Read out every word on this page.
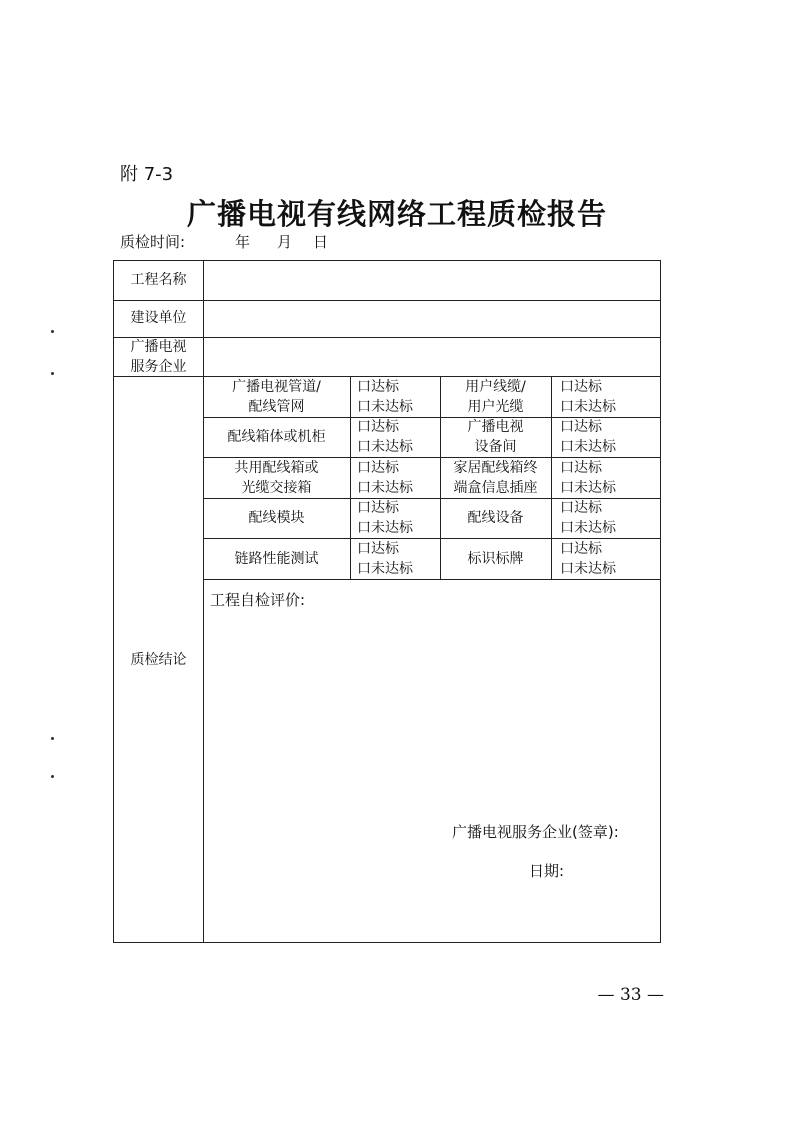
附 7-3
广播电视有线网络工程质检报告
质检时间:	年 月 日
工程名称
建设单位
广播电视
服务企业
质检结论
广播电视管道/
配线管网
口达标
口未达标
用户线缆/
用户光缆
口达标
口未达标
配线箱体或机柜
口达标
口未达标
广播电视
设备间
口达标
口未达标
共用配线箱或
光缆交接箱
口达标
口未达标
家居配线箱终
端盒信息插座
口达标
口未达标
配线模块
口达标
口未达标
配线设备
口达标
口未达标
链路性能测试
口达标
口未达标
标识标牌
口达标
口未达标
工程自检评价:
广播电视服务企业(签章):
日期:
— 33 —
